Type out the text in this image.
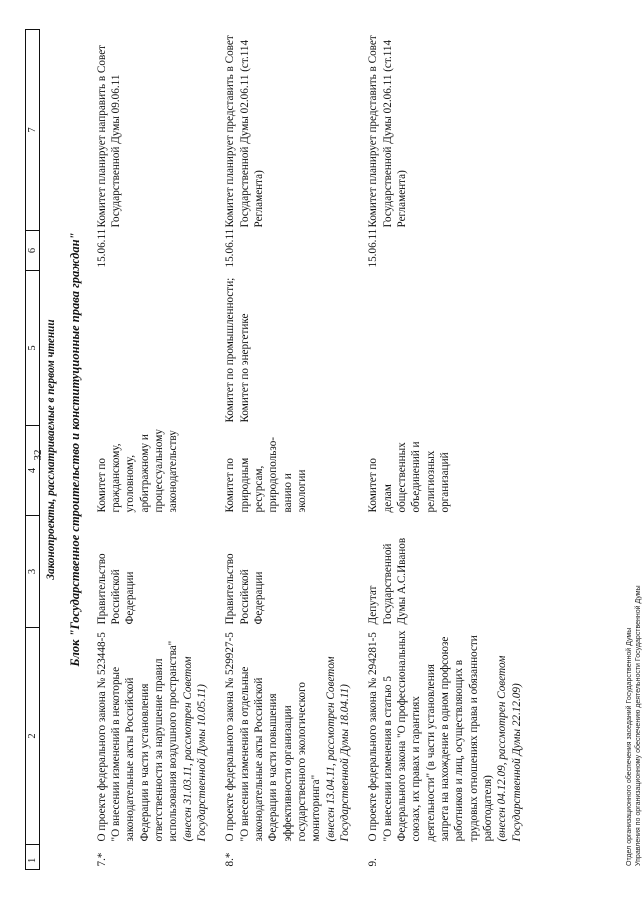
32
1	2	3	4	5	6	7
Законопроекты, рассматриваемые в первом чтении						
Блок "Государственное строительство и конституционные права граждан"						
7.*	О проекте федерального закона № 523448-5 "О внесении изменений в некоторые законодательные акты Российской Федерации в части установления ответственности за нарушение правил использования воздушного пространства" (внесен 31.03.11, рассмотрен Советом Государственной Думы 10.05.11)	Правительство Российской Федерации	Комитет по гражданскому, уголовному, арбитражному и процессуальному законодательству		15.06.11	Комитет планирует направить в Совет Государственной Думы 09.06.11
8.*	О проекте федерального закона № 529927-5 "О внесении изменений в отдельные законодательные акты Российской Федерации в части повышения эффективности организации государственного экологического мониторинга" (внесен 13.04.11, рассмотрен Советом Государственной Думы 18.04.11)	Правительство Российской Федерации	Комитет по природным ресурсам, природопользо-ванию и экологии	Комитет по промышленности; Комитет по энергетике	15.06.11	Комитет планирует представить в Совет Государственной Думы 02.06.11 (ст.114 Регламента)
9.	О проекте федерального закона № 294281-5 "О внесении изменения в статью 5 Федерального закона "О профессиональных союзах, их правах и гарантиях деятельности" (в части установления запрета на нахождение в одном профсоюзе работников и лиц, осуществляющих в трудовых отношениях права и обязанности работодателя) (внесен 04.12.09, рассмотрен Советом Государственной Думы 22.12.09)	Депутат Государственной Думы А.С.Иванов	Комитет по делам общественных объединений и религиозных организаций		15.06.11	Комитет планирует представить в Совет Государственной Думы 02.06.11 (ст.114 Регламента)
Отдел организационного обеспечения заседаний Государственной Думы Управления по организационному обеспечению деятельности Государственной Думы
